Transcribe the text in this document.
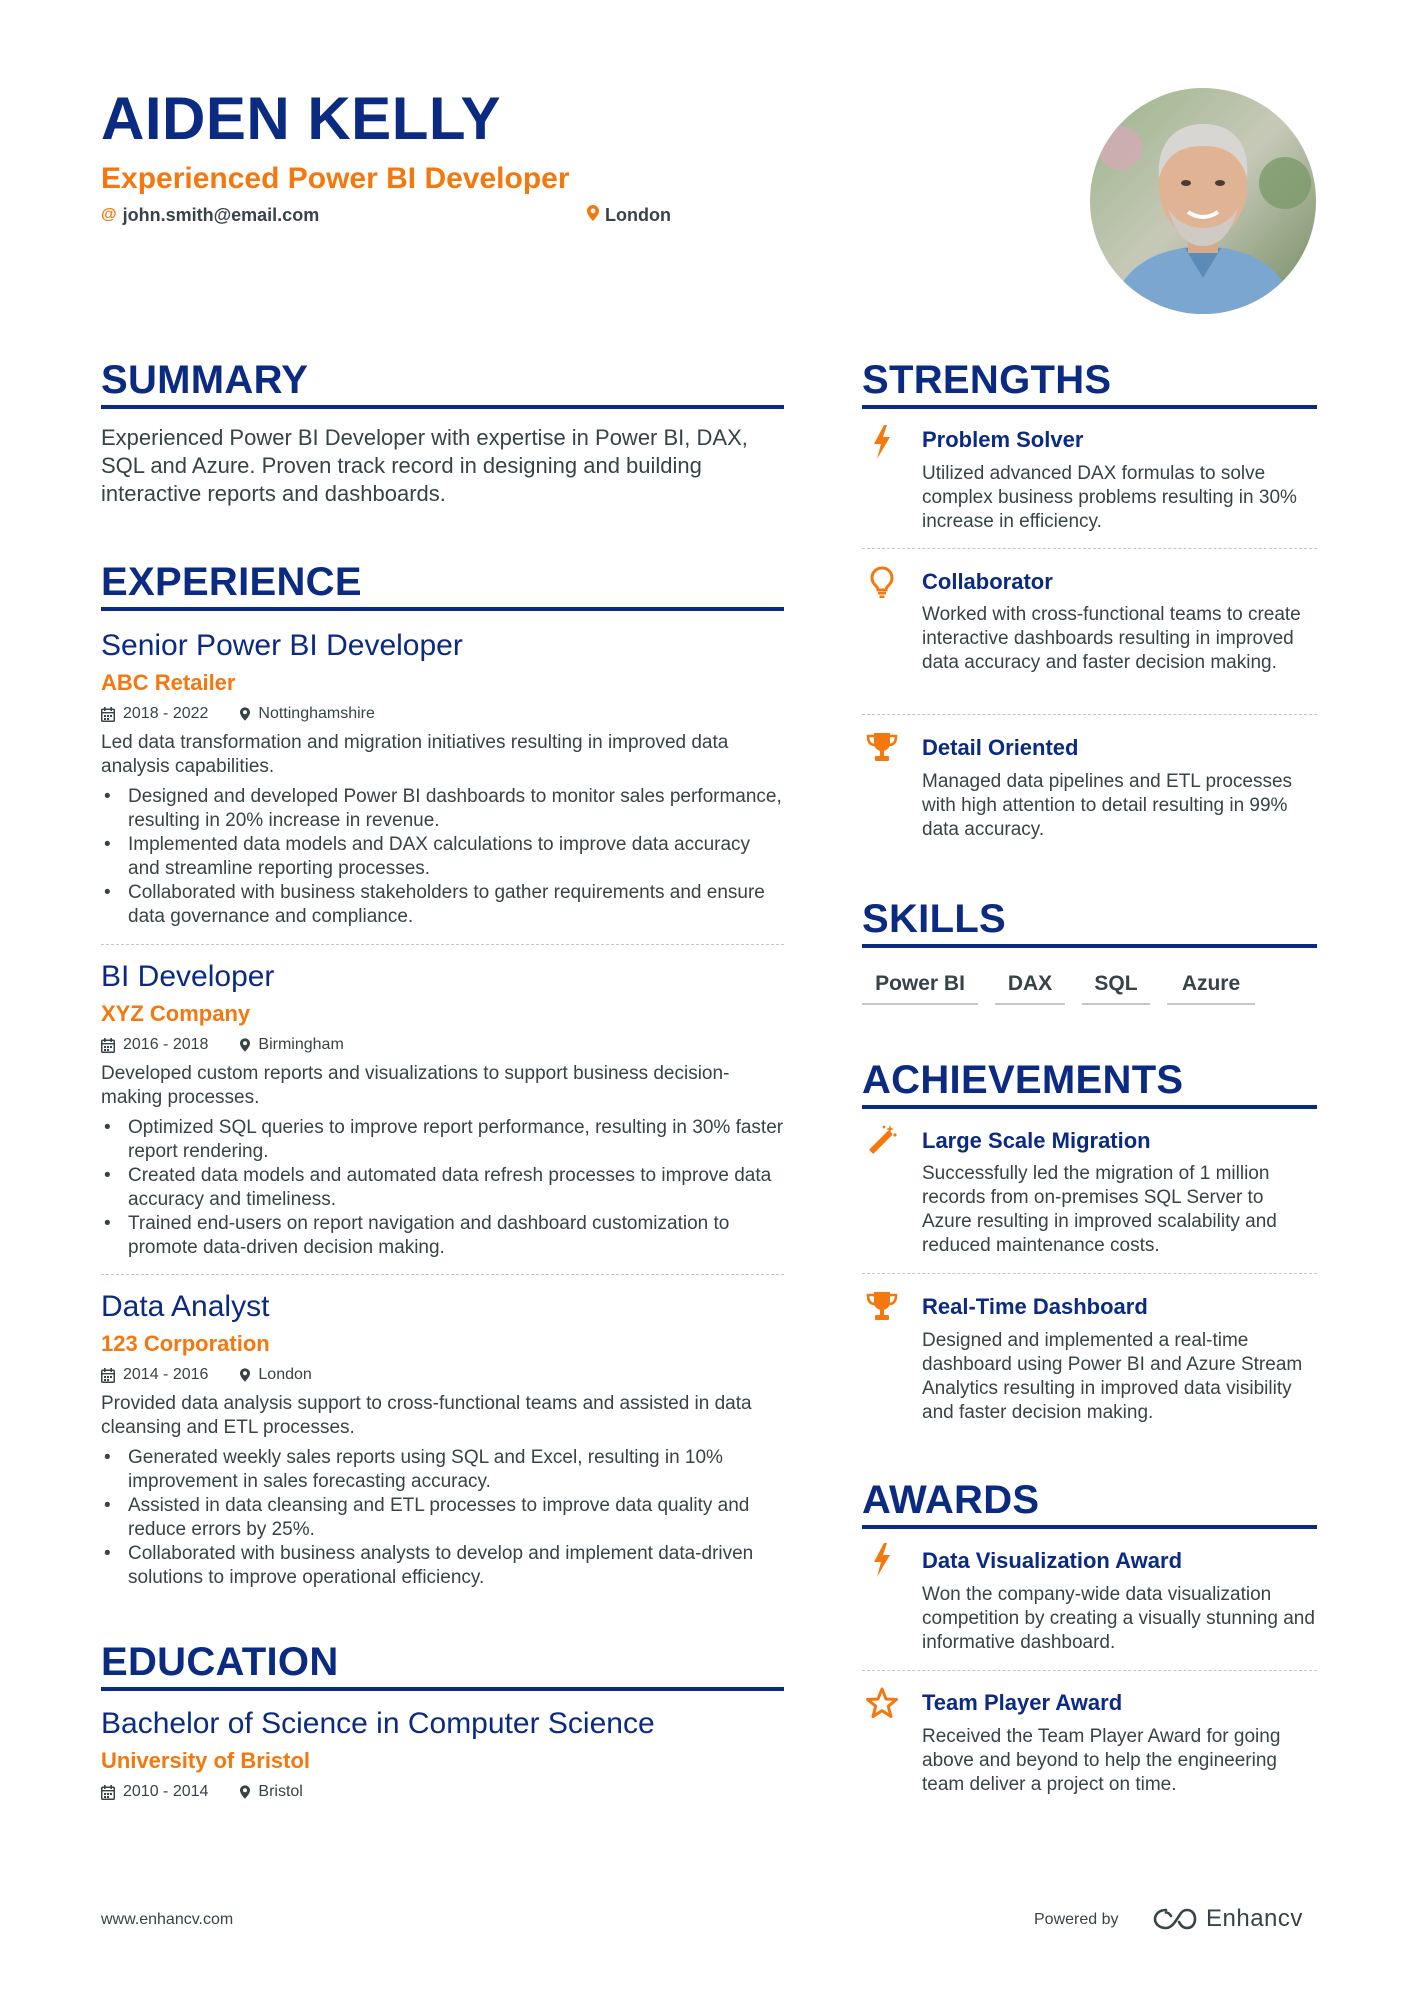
AIDEN KELLY
Experienced Power BI Developer
@ john.smith@email.com	London
SUMMARY
Experienced Power BI Developer with expertise in Power BI, DAX, SQL and Azure. Proven track record in designing and building interactive reports and dashboards.
EXPERIENCE
Senior Power BI Developer
ABC Retailer
2018 - 2022	Nottinghamshire
Led data transformation and migration initiatives resulting in improved data analysis capabilities.
• Designed and developed Power BI dashboards to monitor sales performance, resulting in 20% increase in revenue.
• Implemented data models and DAX calculations to improve data accuracy and streamline reporting processes.
• Collaborated with business stakeholders to gather requirements and ensure data governance and compliance.
BI Developer
XYZ Company
2016 - 2018	Birmingham
Developed custom reports and visualizations to support business decision-making processes.
• Optimized SQL queries to improve report performance, resulting in 30% faster report rendering.
• Created data models and automated data refresh processes to improve data accuracy and timeliness.
• Trained end-users on report navigation and dashboard customization to promote data-driven decision making.
Data Analyst
123 Corporation
2014 - 2016	London
Provided data analysis support to cross-functional teams and assisted in data cleansing and ETL processes.
• Generated weekly sales reports using SQL and Excel, resulting in 10% improvement in sales forecasting accuracy.
• Assisted in data cleansing and ETL processes to improve data quality and reduce errors by 25%.
• Collaborated with business analysts to develop and implement data-driven solutions to improve operational efficiency.
EDUCATION
Bachelor of Science in Computer Science
University of Bristol
2010 - 2014	Bristol
STRENGTHS
Problem Solver
Utilized advanced DAX formulas to solve complex business problems resulting in 30% increase in efficiency.
Collaborator
Worked with cross-functional teams to create interactive dashboards resulting in improved data accuracy and faster decision making.
Detail Oriented
Managed data pipelines and ETL processes with high attention to detail resulting in 99% data accuracy.
SKILLS
Power BI	DAX	SQL	Azure
ACHIEVEMENTS
Large Scale Migration
Successfully led the migration of 1 million records from on-premises SQL Server to Azure resulting in improved scalability and reduced maintenance costs.
Real-Time Dashboard
Designed and implemented a real-time dashboard using Power BI and Azure Stream Analytics resulting in improved data visibility and faster decision making.
AWARDS
Data Visualization Award
Won the company-wide data visualization competition by creating a visually stunning and informative dashboard.
Team Player Award
Received the Team Player Award for going above and beyond to help the engineering team deliver a project on time.
www.enhancv.com	Powered by	Enhancv
